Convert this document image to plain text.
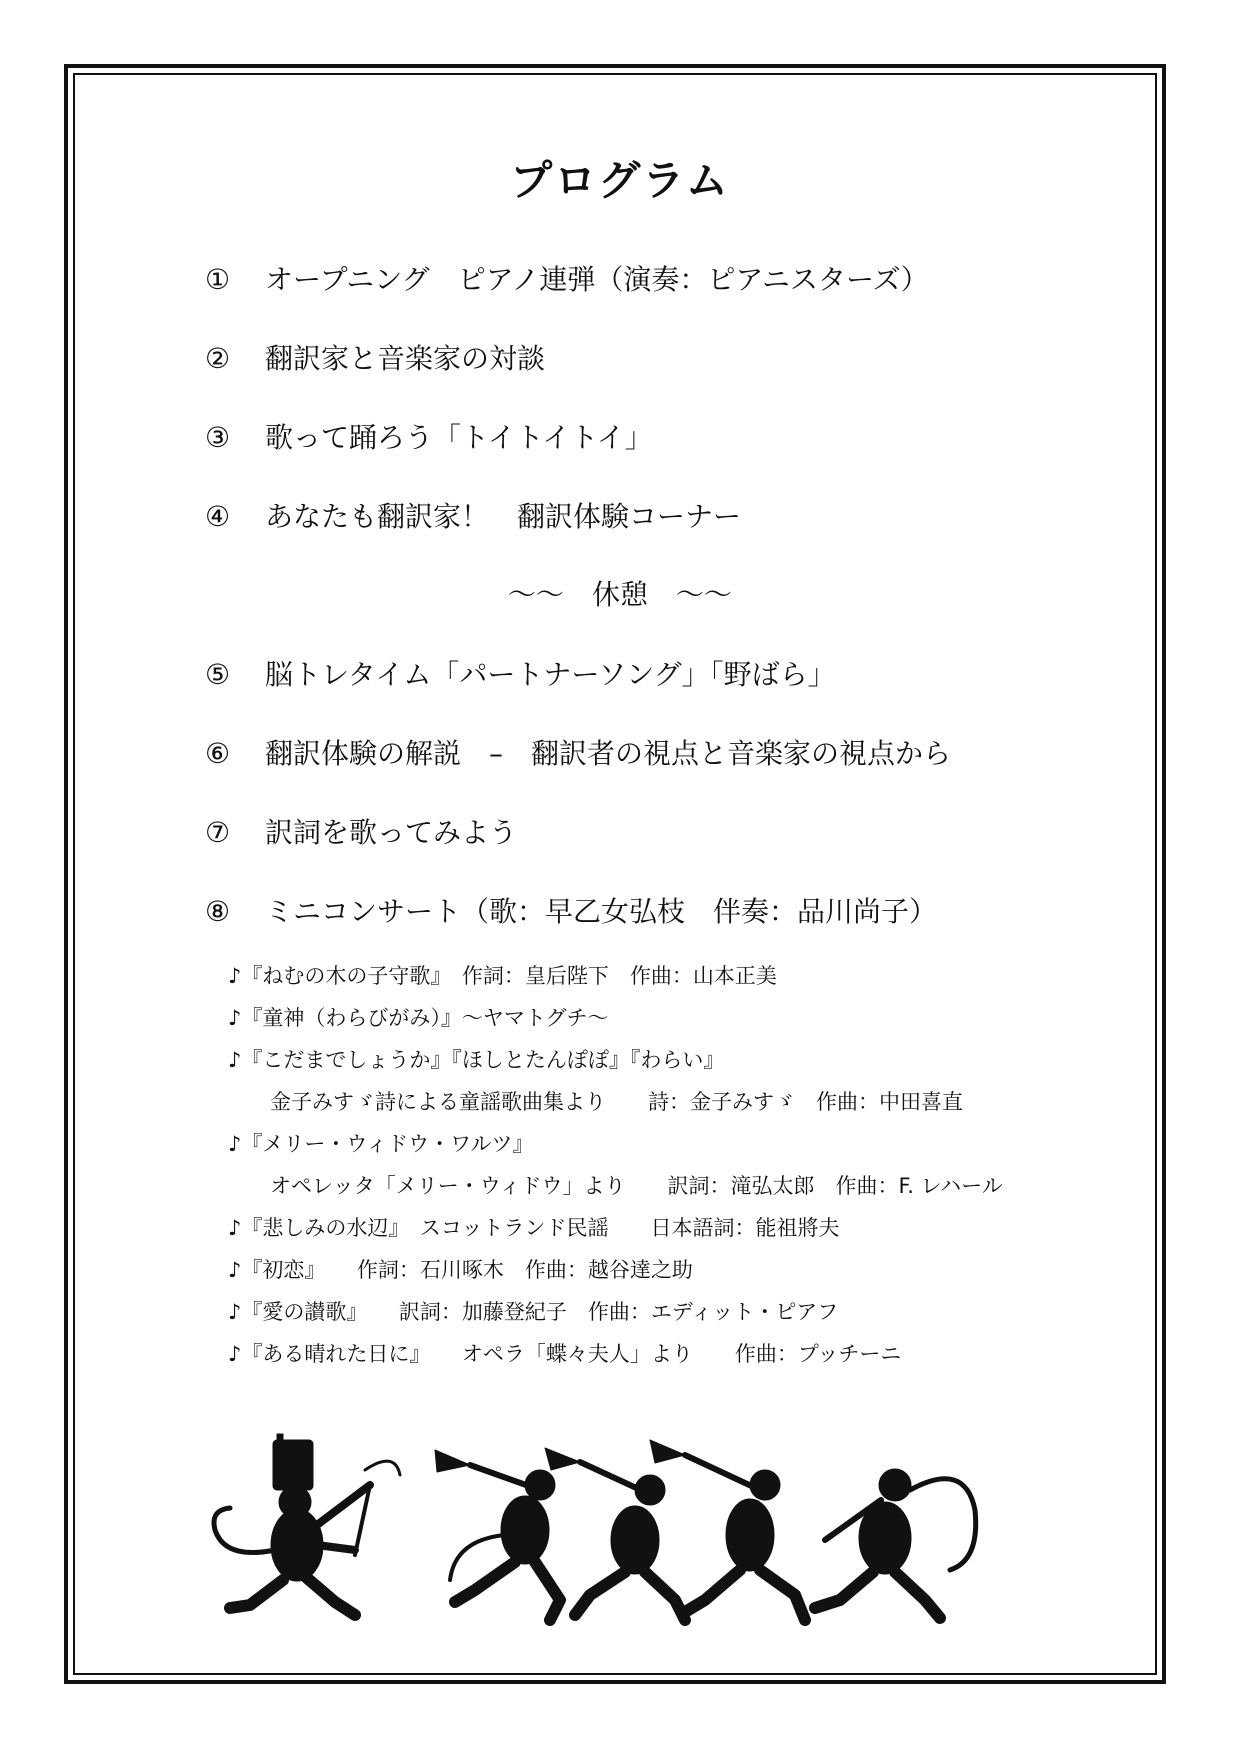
プログラム
① オープニング　ピアノ連弾（演奏：ピアニスターズ）
② 翻訳家と音楽家の対談
③ 歌って踊ろう「トイトイトイ」
④ あなたも翻訳家！　翻訳体験コーナー
～～　休憩　～～
⑤ 脳トレタイム「パートナーソング」「野ばら」
⑥ 翻訳体験の解説　–　翻訳者の視点と音楽家の視点から
⑦ 訳詞を歌ってみよう
⑧ ミニコンサート（歌：早乙女弘枝　伴奏：品川尚子）
♪『ねむの木の子守歌』　作詞：皇后陛下　作曲：山本正美
♪『童神（わらびがみ）』～ヤマトグチ～
♪『こだまでしょうか』『ほしとたんぽぽ』『わらい』
金子みすゞ詩による童謡歌曲集より　　詩：金子みすゞ　作曲：中田喜直
♪『メリー・ウィドウ・ワルツ』
オペレッタ「メリー・ウィドウ」より　　訳詞：滝弘太郎　作曲：F. レハール
♪『悲しみの水辺』　スコットランド民謡　　日本語詞：能祖將夫
♪『初恋』　　作詞：石川啄木　作曲：越谷達之助
♪『愛の讃歌』　　訳詞：加藤登紀子　作曲：エディット・ピアフ
♪『ある晴れた日に』　　オペラ「蝶々夫人」より　　作曲：プッチーニ
